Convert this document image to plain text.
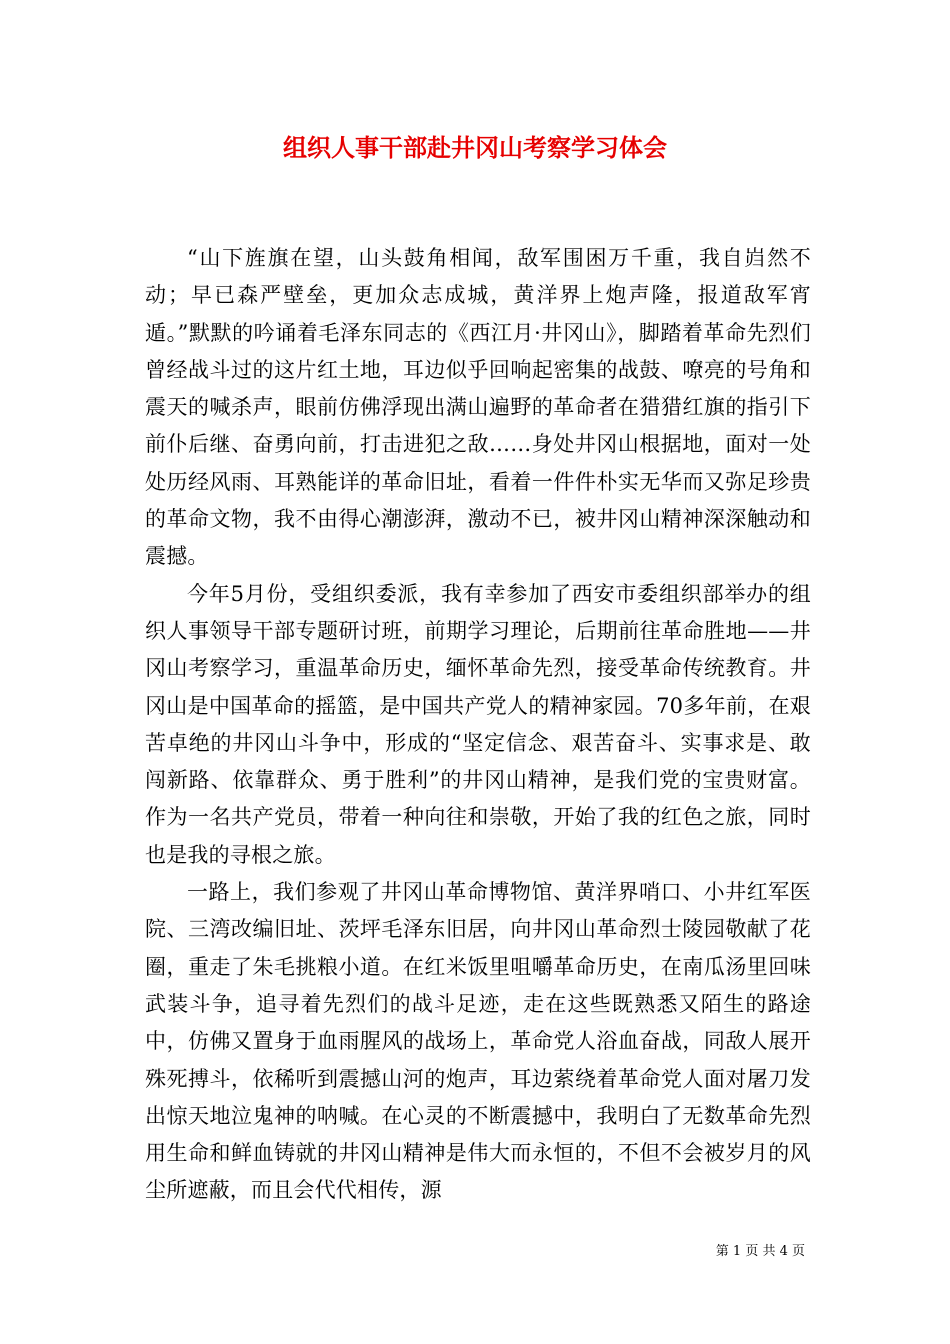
组织人事干部赴井冈山考察学习体会

“山下旌旗在望，山头鼓角相闻，敌军围困万千重，我自岿然不动；早已森严壁垒，更加众志成城，黄洋界上炮声隆，报道敌军宵遁。”默默的吟诵着毛泽东同志的《西江月·井冈山》，脚踏着革命先烈们曾经战斗过的这片红土地，耳边似乎回响起密集的战鼓、嘹亮的号角和震天的喊杀声，眼前仿佛浮现出满山遍野的革命者在猎猎红旗的指引下前仆后继、奋勇向前，打击进犯之敌……身处井冈山根据地，面对一处处历经风雨、耳熟能详的革命旧址，看着一件件朴实无华而又弥足珍贵的革命文物，我不由得心潮澎湃，激动不已，被井冈山精神深深触动和震撼。

今年5月份，受组织委派，我有幸参加了西安市委组织部举办的组织人事领导干部专题研讨班，前期学习理论，后期前往革命胜地——井冈山考察学习，重温革命历史，缅怀革命先烈，接受革命传统教育。井冈山是中国革命的摇篮，是中国共产党人的精神家园。70多年前，在艰苦卓绝的井冈山斗争中，形成的“坚定信念、艰苦奋斗、实事求是、敢闯新路、依靠群众、勇于胜利”的井冈山精神，是我们党的宝贵财富。作为一名共产党员，带着一种向往和崇敬，开始了我的红色之旅，同时也是我的寻根之旅。

一路上，我们参观了井冈山革命博物馆、黄洋界哨口、小井红军医院、三湾改编旧址、茨坪毛泽东旧居，向井冈山革命烈士陵园敬献了花圈，重走了朱毛挑粮小道。在红米饭里咀嚼革命历史，在南瓜汤里回味武装斗争，追寻着先烈们的战斗足迹，走在这些既熟悉又陌生的路途中，仿佛又置身于血雨腥风的战场上，革命党人浴血奋战，同敌人展开殊死搏斗，依稀听到震撼山河的炮声，耳边萦绕着革命党人面对屠刀发出惊天地泣鬼神的呐喊。在心灵的不断震撼中，我明白了无数革命先烈用生命和鲜血铸就的井冈山精神是伟大而永恒的，不但不会被岁月的风尘所遮蔽，而且会代代相传，源

第 1 页 共 4 页
